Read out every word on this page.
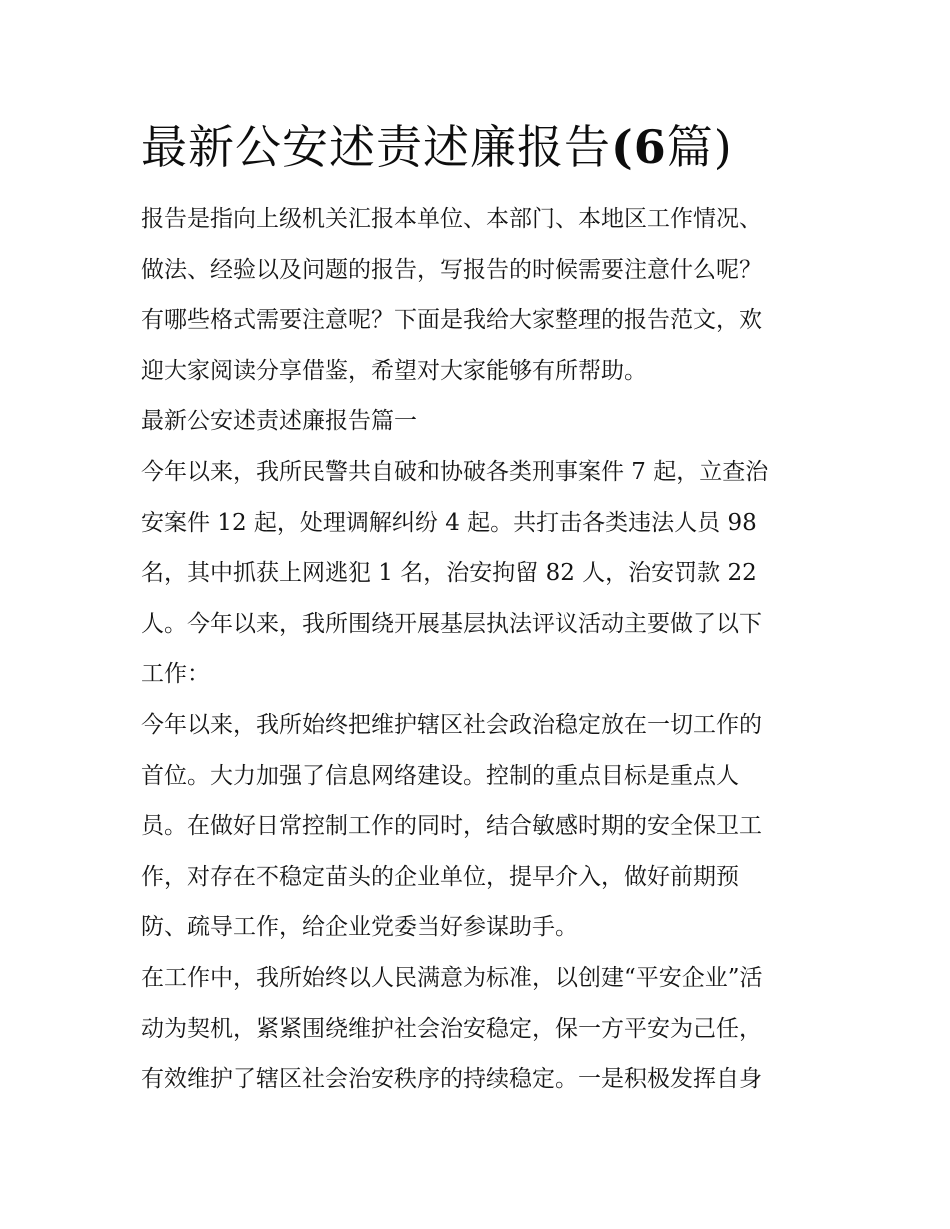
最新公安述责述廉报告(6篇)

报告是指向上级机关汇报本单位、本部门、本地区工作情况、
做法、经验以及问题的报告，写报告的时候需要注意什么呢？
有哪些格式需要注意呢？下面是我给大家整理的报告范文，欢
迎大家阅读分享借鉴，希望对大家能够有所帮助。

最新公安述责述廉报告篇一

今年以来，我所民警共自破和协破各类刑事案件 7 起，立查治
安案件 12 起，处理调解纠纷 4 起。共打击各类违法人员 98
名，其中抓获上网逃犯 1 名，治安拘留 82 人，治安罚款 22
人。今年以来，我所围绕开展基层执法评议活动主要做了以下
工作：

今年以来，我所始终把维护辖区社会政治稳定放在一切工作的
首位。大力加强了信息网络建设。控制的重点目标是重点人
员。在做好日常控制工作的同时，结合敏感时期的安全保卫工
作，对存在不稳定苗头的企业单位，提早介入，做好前期预
防、疏导工作，给企业党委当好参谋助手。

在工作中，我所始终以人民满意为标准，以创建“平安企业”活
动为契机，紧紧围绕维护社会治安稳定，保一方平安为己任，
有效维护了辖区社会治安秩序的持续稳定。一是积极发挥自身
